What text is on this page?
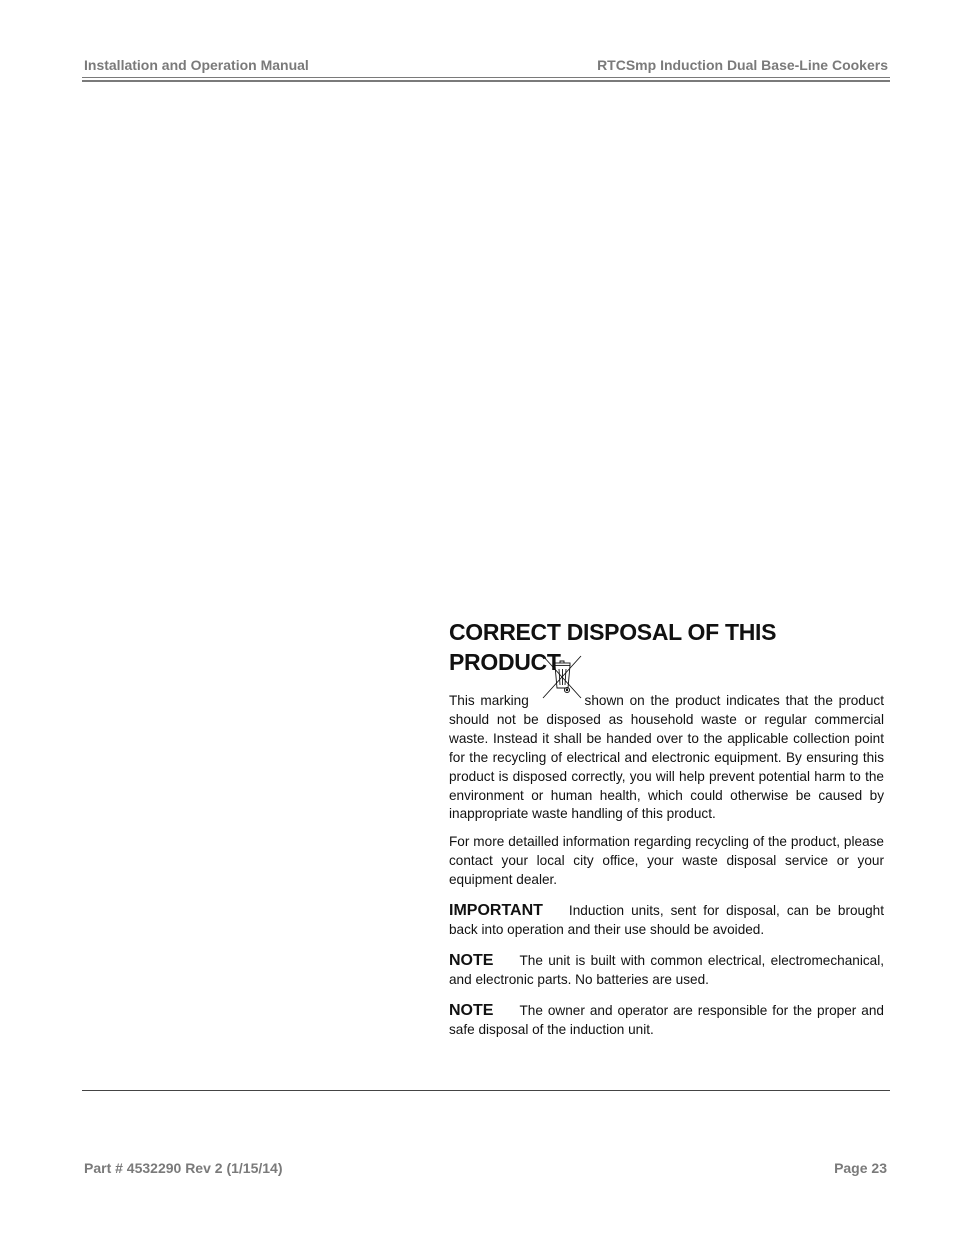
Installation and Operation Manual	RTCSmp Induction Dual Base-Line Cookers
CORRECT DISPOSAL OF THIS PRODUCT

This marking	shown on the product indicates that the product should not be disposed as household waste or regular commercial waste. Instead it shall be handed over to the applicable collection point for the recycling of electrical and electronic equipment. By ensuring this product is disposed correctly, you will help prevent potential harm to the environment or human health, which could otherwise be caused by inappropriate waste handling of this product.

For more detailled information regarding recycling of the product, please contact your local city office, your waste disposal service or your equipment dealer.

IMPORTANT Induction units, sent for disposal, can be brought back into operation and their use should be avoided.

NOTE The unit is built with common electrical, electromechanical, and electronic parts. No batteries are used.

NOTE The owner and operator are responsible for the proper and safe disposal of the induction unit.

Part # 4532290 Rev 2 (1/15/14)	Page 23
